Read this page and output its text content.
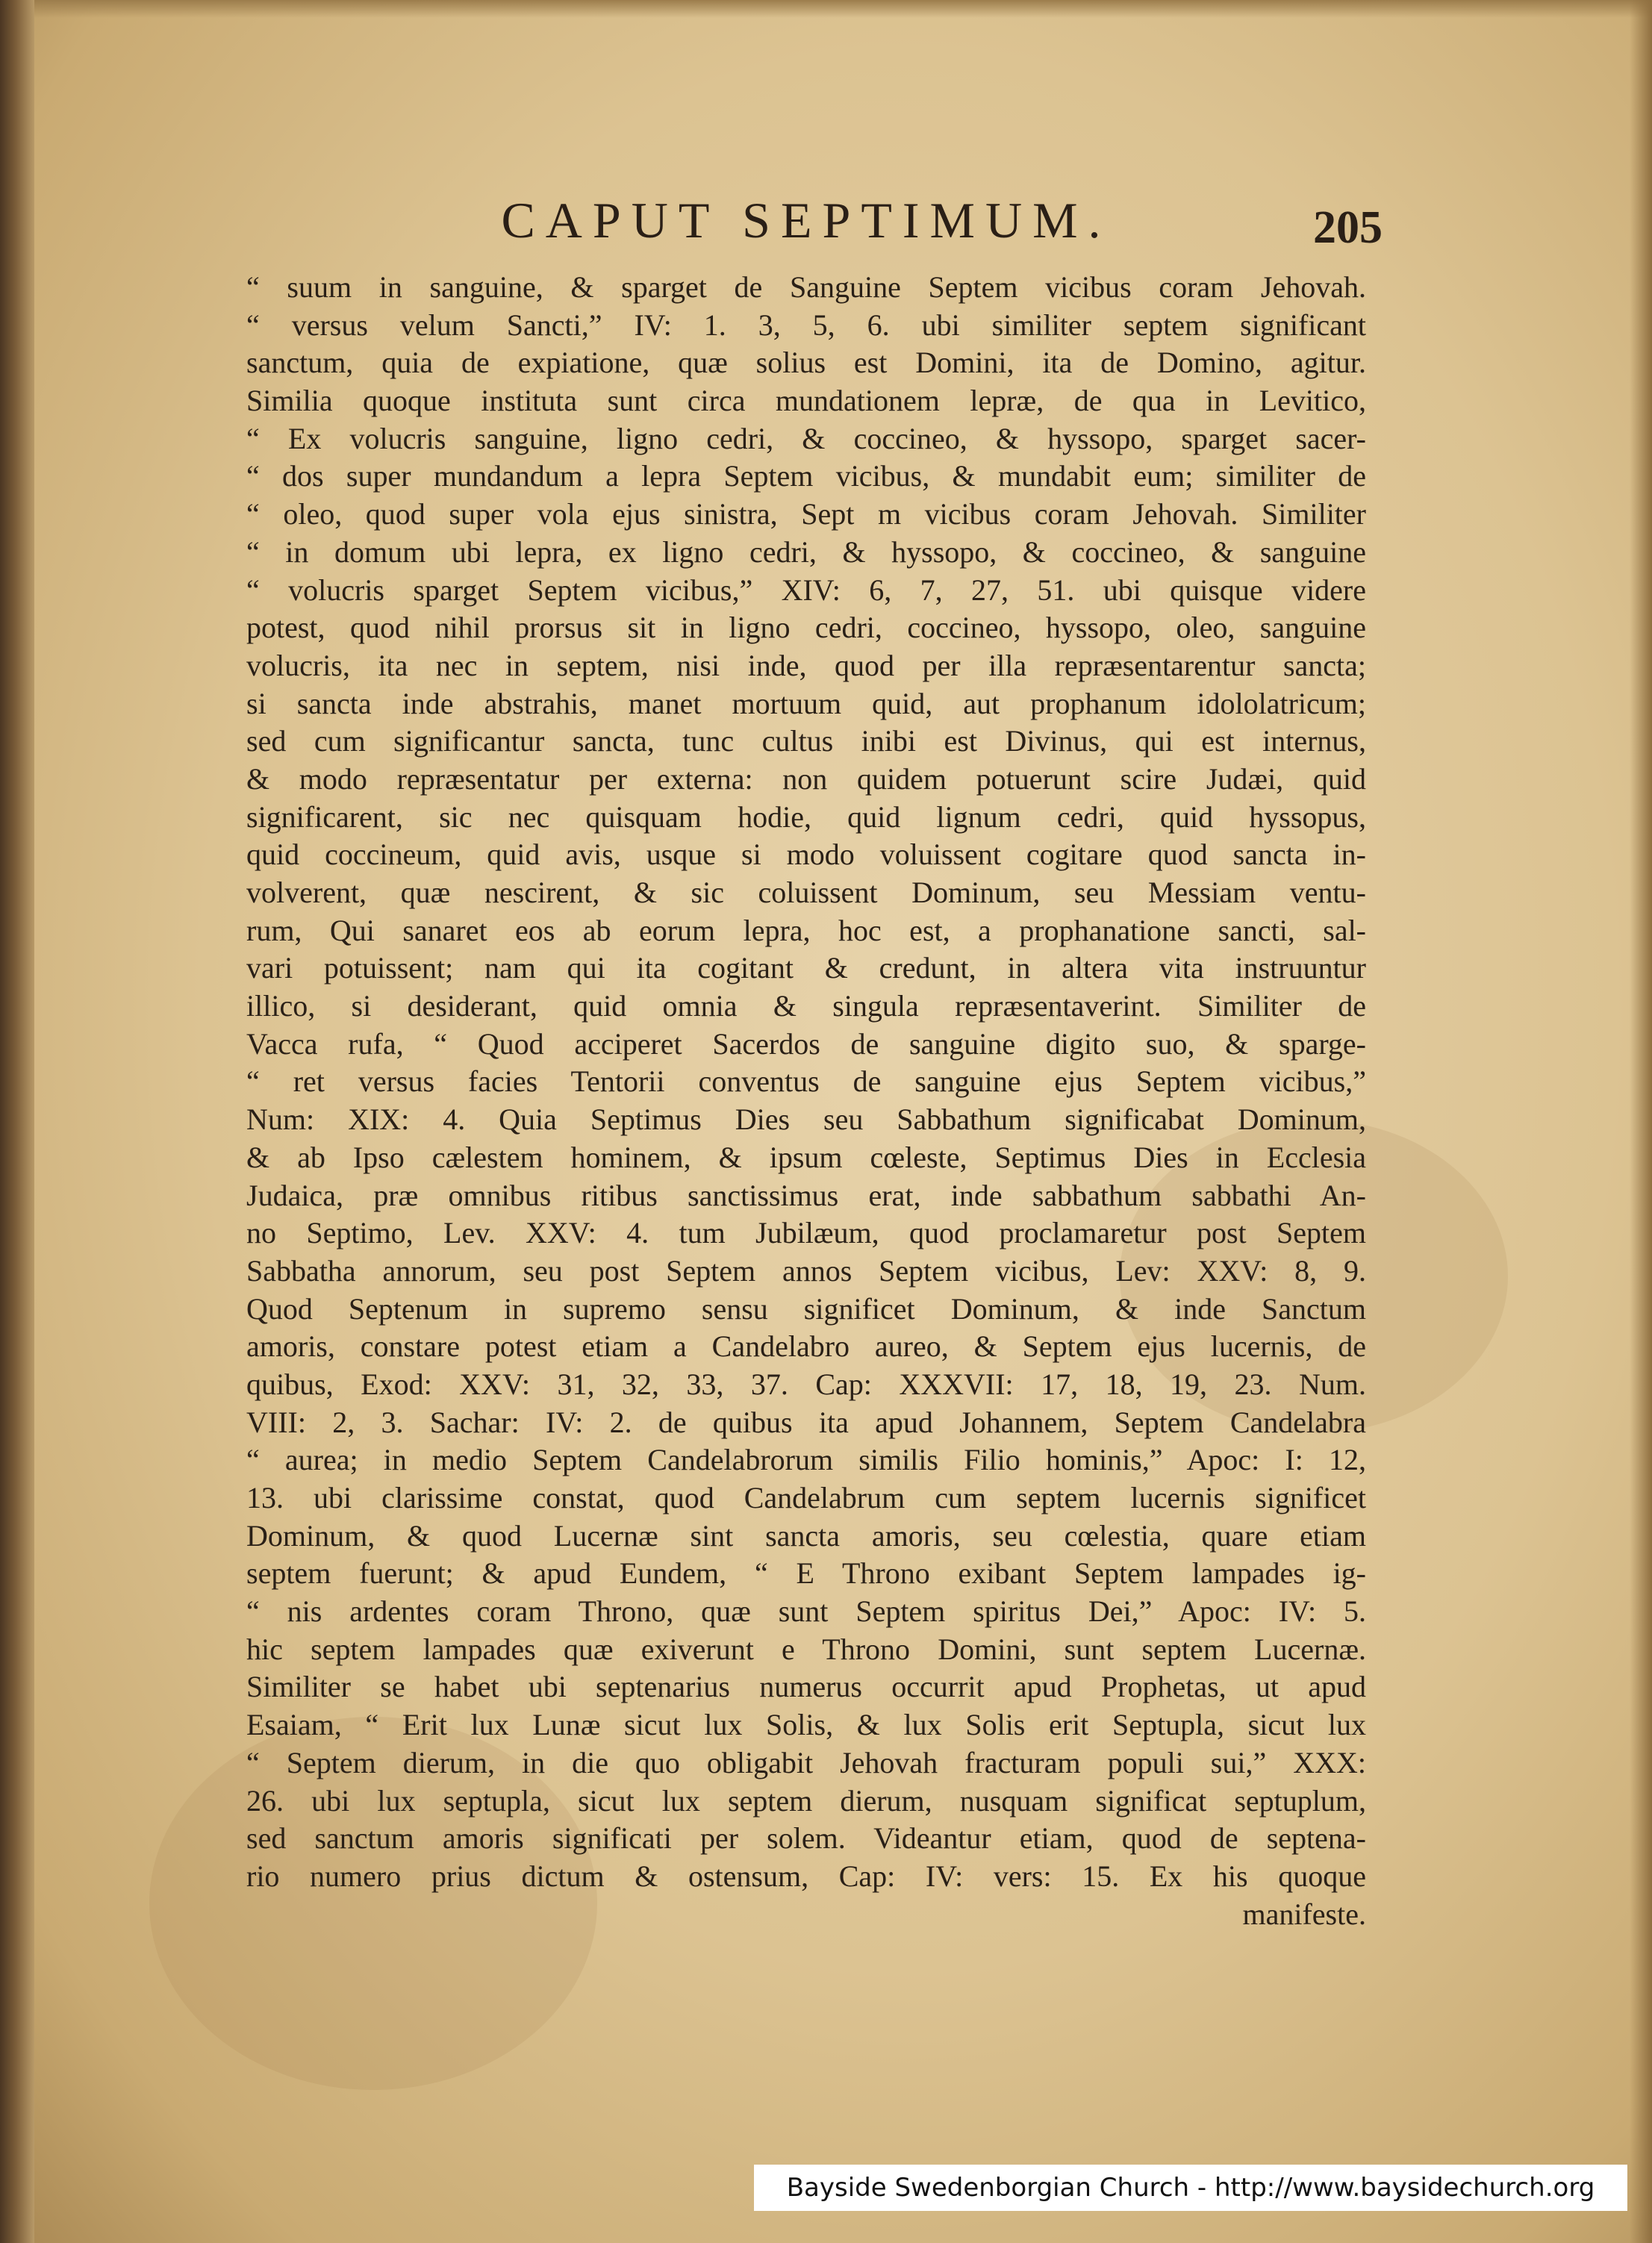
CAPUT SEPTIMUM.	205
“ suum in sanguine, & sparget de Sanguine Septem vicibus coram Jehovah.
“ versus velum Sancti,” IV: 1. 3, 5, 6. ubi similiter septem significant
sanctum, quia de expiatione, quæ solius est Domini, ita de Domino, agitur.
Similia quoque instituta sunt circa mundationem lepræ, de qua in Levitico,
“ Ex volucris sanguine, ligno cedri, & coccineo, & hyssopo, sparget sacer-
“ dos super mundandum a lepra Septem vicibus, & mundabit eum; similiter de
“ oleo, quod super vola ejus sinistra, Sept m vicibus coram Jehovah. Similiter
“ in domum ubi lepra, ex ligno cedri, & hyssopo, & coccineo, & sanguine
“ volucris sparget Septem vicibus,” XIV: 6, 7, 27, 51. ubi quisque videre
potest, quod nihil prorsus sit in ligno cedri, coccineo, hyssopo, oleo, sanguine
volucris, ita nec in septem, nisi inde, quod per illa repræsentarentur sancta;
si sancta inde abstrahis, manet mortuum quid, aut prophanum idololatricum;
sed cum significantur sancta, tunc cultus inibi est Divinus, qui est internus,
& modo repræsentatur per externa: non quidem potuerunt scire Judæi, quid
significarent, sic nec quisquam hodie, quid lignum cedri, quid hyssopus,
quid coccineum, quid avis, usque si modo voluissent cogitare quod sancta in-
volverent, quæ nescirent, & sic coluissent Dominum, seu Messiam ventu-
rum, Qui sanaret eos ab eorum lepra, hoc est, a prophanatione sancti, sal-
vari potuissent; nam qui ita cogitant & credunt, in altera vita instruuntur
illico, si desiderant, quid omnia & singula repræsentaverint. Similiter de
Vacca rufa, “ Quod acciperet Sacerdos de sanguine digito suo, & sparge-
“ ret versus facies Tentorii conventus de sanguine ejus Septem vicibus,”
Num: XIX: 4. Quia Septimus Dies seu Sabbathum significabat Dominum,
& ab Ipso cælestem hominem, & ipsum cœleste, Septimus Dies in Ecclesia
Judaica, præ omnibus ritibus sanctissimus erat, inde sabbathum sabbathi An-
no Septimo, Lev. XXV: 4. tum Jubilæum, quod proclamaretur post Septem
Sabbatha annorum, seu post Septem annos Septem vicibus, Lev: XXV: 8, 9.
Quod Septenum in supremo sensu significet Dominum, & inde Sanctum
amoris, constare potest etiam a Candelabro aureo, & Septem ejus lucernis, de
quibus, Exod: XXV: 31, 32, 33, 37. Cap: XXXVII: 17, 18, 19, 23. Num.
VIII: 2, 3. Sachar: IV: 2. de quibus ita apud Johannem, Septem Candelabra
“ aurea; in medio Septem Candelabrorum similis Filio hominis,” Apoc: I: 12,
13. ubi clarissime constat, quod Candelabrum cum septem lucernis significet
Dominum, & quod Lucernæ sint sancta amoris, seu cœlestia, quare etiam
septem fuerunt; & apud Eundem, “ E Throno exibant Septem lampades ig-
“ nis ardentes coram Throno, quæ sunt Septem spiritus Dei,” Apoc: IV: 5.
hic septem lampades quæ exiverunt e Throno Domini, sunt septem Lucernæ.
Similiter se habet ubi septenarius numerus occurrit apud Prophetas, ut apud
Esaiam, “ Erit lux Lunæ sicut lux Solis, & lux Solis erit Septupla, sicut lux
“ Septem dierum, in die quo obligabit Jehovah fracturam populi sui,” XXX:
26. ubi lux septupla, sicut lux septem dierum, nusquam significat septuplum,
sed sanctum amoris significati per solem. Videantur etiam, quod de septena-
rio numero prius dictum & ostensum, Cap: IV: vers: 15. Ex his quoque
manifeste.
Bayside Swedenborgian Church - http://www.baysidechurch.org
